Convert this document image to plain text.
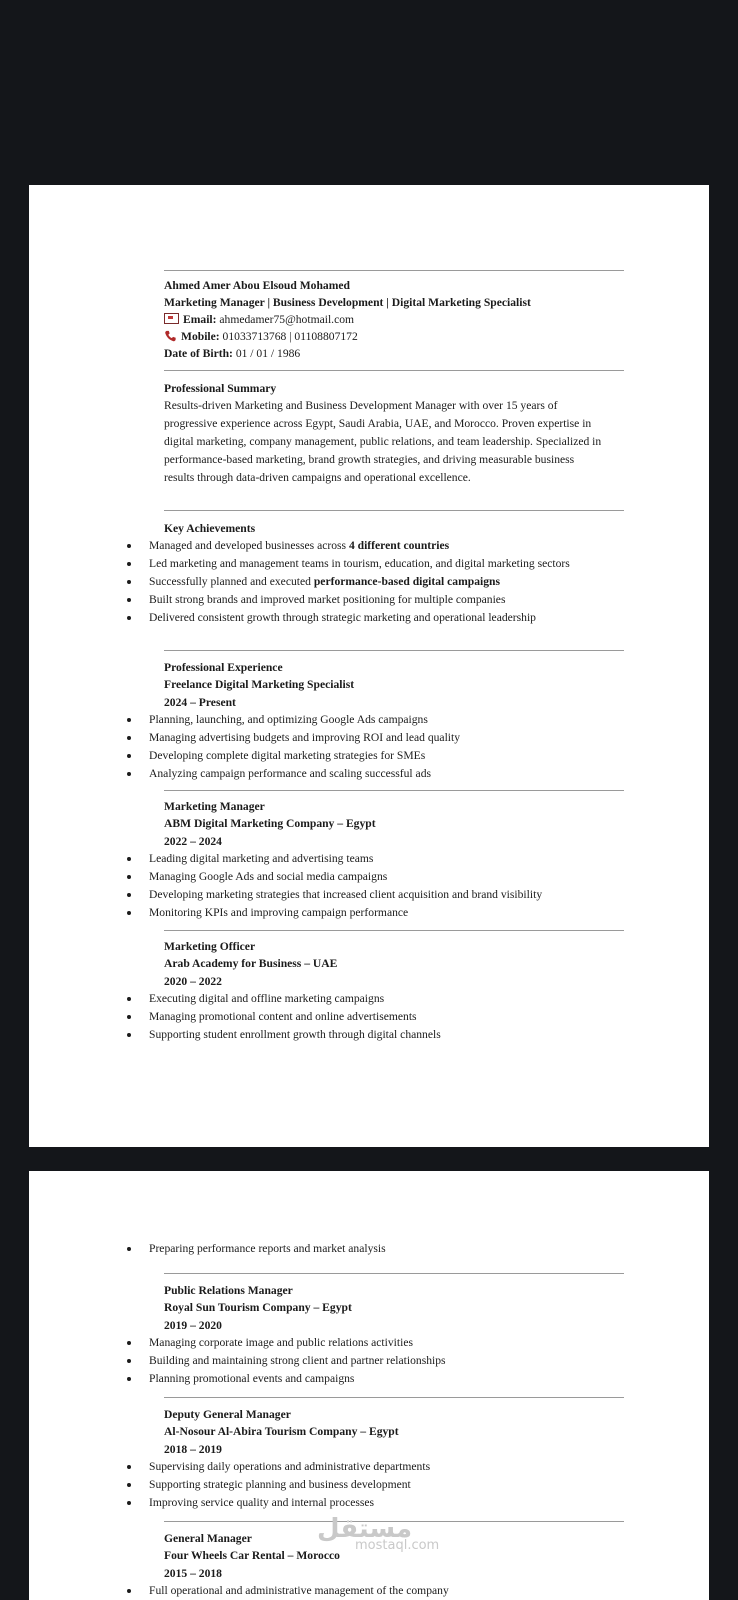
Ahmed Amer Abou Elsoud Mohamed
Marketing Manager | Business Development | Digital Marketing Specialist
Email: ahmedamer75@hotmail.com
Mobile: 01033713768 | 01108807172
Date of Birth: 01 / 01 / 1986
Professional Summary
Results-driven Marketing and Business Development Manager with over 15 years of progressive experience across Egypt, Saudi Arabia, UAE, and Morocco. Proven expertise in digital marketing, company management, public relations, and team leadership. Specialized in performance-based marketing, brand growth strategies, and driving measurable business results through data-driven campaigns and operational excellence.
Key Achievements
Managed and developed businesses across 4 different countries
Led marketing and management teams in tourism, education, and digital marketing sectors
Successfully planned and executed performance-based digital campaigns
Built strong brands and improved market positioning for multiple companies
Delivered consistent growth through strategic marketing and operational leadership
Professional Experience
Freelance Digital Marketing Specialist
2024 – Present
Planning, launching, and optimizing Google Ads campaigns
Managing advertising budgets and improving ROI and lead quality
Developing complete digital marketing strategies for SMEs
Analyzing campaign performance and scaling successful ads
Marketing Manager
ABM Digital Marketing Company – Egypt
2022 – 2024
Leading digital marketing and advertising teams
Managing Google Ads and social media campaigns
Developing marketing strategies that increased client acquisition and brand visibility
Monitoring KPIs and improving campaign performance
Marketing Officer
Arab Academy for Business – UAE
2020 – 2022
Executing digital and offline marketing campaigns
Managing promotional content and online advertisements
Supporting student enrollment growth through digital channels
Preparing performance reports and market analysis
Public Relations Manager
Royal Sun Tourism Company – Egypt
2019 – 2020
Managing corporate image and public relations activities
Building and maintaining strong client and partner relationships
Planning promotional events and campaigns
Deputy General Manager
Al-Nosour Al-Abira Tourism Company – Egypt
2018 – 2019
Supervising daily operations and administrative departments
Supporting strategic planning and business development
Improving service quality and internal processes
General Manager
Four Wheels Car Rental – Morocco
2015 – 2018
Full operational and administrative management of the company
مستقل
mostaql.com
